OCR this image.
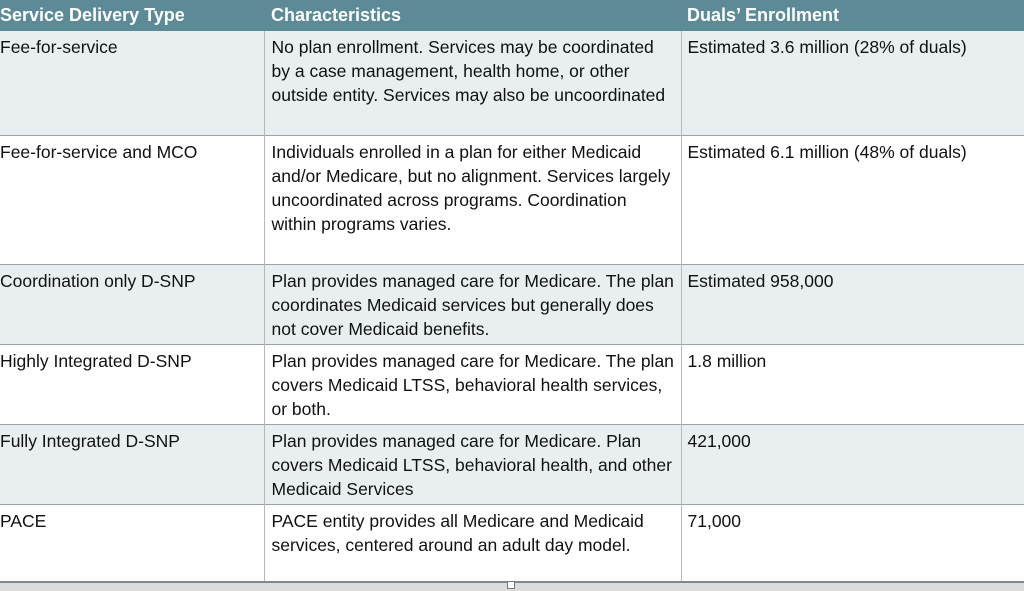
Service Delivery Type	Characteristics	Duals’ Enrollment
Fee-for-service	No plan enrollment. Services may be coordinated by a case management, health home, or other outside entity. Services may also be uncoordinated	Estimated 3.6 million (28% of duals)
Fee-for-service and MCO	Individuals enrolled in a plan for either Medicaid and/or Medicare, but no alignment. Services largely uncoordinated across programs. Coordination within programs varies.	Estimated 6.1 million (48% of duals)
Coordination only D-SNP	Plan provides managed care for Medicare. The plan coordinates Medicaid services but generally does not cover Medicaid benefits.	Estimated 958,000
Highly Integrated D-SNP	Plan provides managed care for Medicare. The plan covers Medicaid LTSS, behavioral health services, or both.	1.8 million
Fully Integrated D-SNP	Plan provides managed care for Medicare. Plan covers Medicaid LTSS, behavioral health, and other Medicaid Services	421,000
PACE	PACE entity provides all Medicare and Medicaid services, centered around an adult day model.	71,000
